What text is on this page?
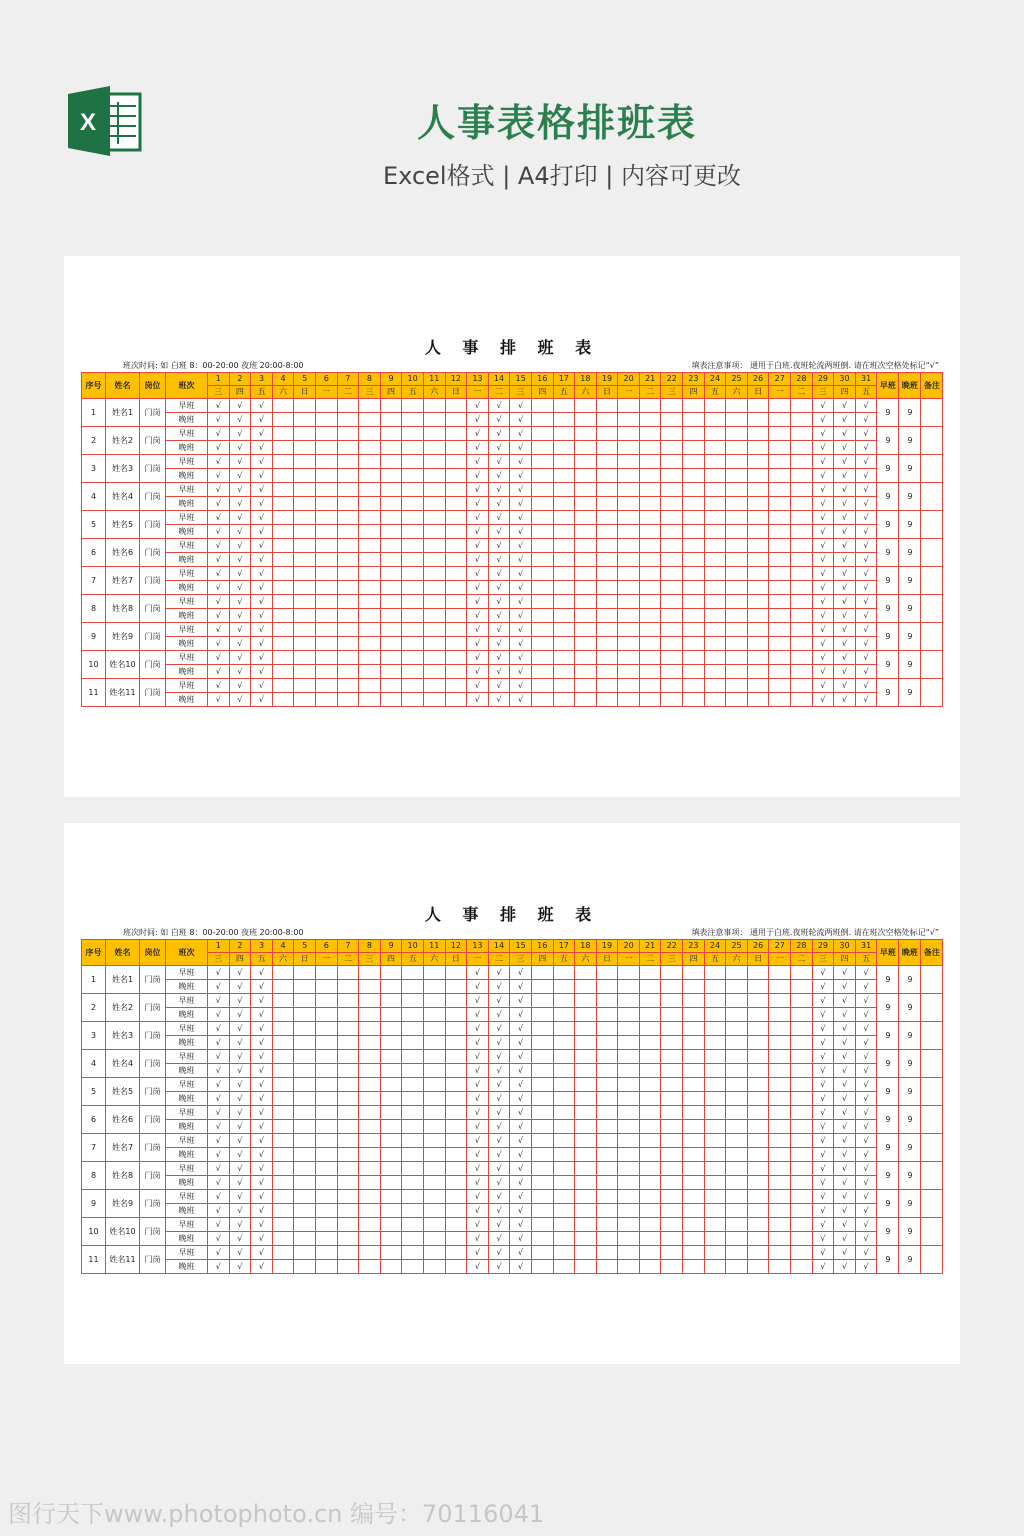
X	人事表格排班表
Excel格式 | A4打印 | 内容可更改
人 事 排 班 表
班次时间: 如 白班 8：00-20:00 夜班 20:00-8:00	填表注意事项： 通用于白班.夜班轮流两班倒. 请在班次空格处标记“√”
序号	姓名	岗位	班次	1	2	3	4	5	6	7	8	9	10	11	12	13	14	15	16	17	18	19	20	21	22	23	24	25	26	27	28	29	30	31	早班	晚班	备注
				三	四	五	六	日	一	二	三	四	五	六	日	一	二	三	四	五	六	日	一	二	三	四	五	六	日	一	二	三	四	五			
1	姓名1	门岗	早班	√	√	√										√	√	√														√	√	√	9	9	
			晚班	√	√	√										√	√	√														√	√	√			
2	姓名2	门岗	早班	√	√	√										√	√	√														√	√	√	9	9	
			晚班	√	√	√										√	√	√														√	√	√			
3	姓名3	门岗	早班	√	√	√										√	√	√														√	√	√	9	9	
			晚班	√	√	√										√	√	√														√	√	√			
4	姓名4	门岗	早班	√	√	√										√	√	√														√	√	√	9	9	
			晚班	√	√	√										√	√	√														√	√	√			
5	姓名5	门岗	早班	√	√	√										√	√	√														√	√	√	9	9	
			晚班	√	√	√										√	√	√														√	√	√			
6	姓名6	门岗	早班	√	√	√										√	√	√														√	√	√	9	9	
			晚班	√	√	√										√	√	√														√	√	√			
7	姓名7	门岗	早班	√	√	√										√	√	√														√	√	√	9	9	
			晚班	√	√	√										√	√	√														√	√	√			
8	姓名8	门岗	早班	√	√	√										√	√	√														√	√	√	9	9	
			晚班	√	√	√										√	√	√														√	√	√			
9	姓名9	门岗	早班	√	√	√										√	√	√														√	√	√	9	9	
			晚班	√	√	√										√	√	√														√	√	√			
10	姓名10	门岗	早班	√	√	√										√	√	√														√	√	√	9	9	
			晚班	√	√	√										√	√	√														√	√	√			
11	姓名11	门岗	早班	√	√	√										√	√	√														√	√	√	9	9	
			晚班	√	√	√										√	√	√														√	√	√			
人 事 排 班 表
班次时间: 如 白班 8：00-20:00 夜班 20:00-8:00	填表注意事项： 通用于白班.夜班轮流两班倒. 请在班次空格处标记“√”
序号	姓名	岗位	班次	1	2	3	4	5	6	7	8	9	10	11	12	13	14	15	16	17	18	19	20	21	22	23	24	25	26	27	28	29	30	31	早班	晚班	备注
				三	四	五	六	日	一	二	三	四	五	六	日	一	二	三	四	五	六	日	一	二	三	四	五	六	日	一	二	三	四	五			
1	姓名1	门岗	早班	√	√	√										√	√	√														√	√	√	9	9	
			晚班	√	√	√										√	√	√														√	√	√			
2	姓名2	门岗	早班	√	√	√										√	√	√														√	√	√	9	9	
			晚班	√	√	√										√	√	√														√	√	√			
3	姓名3	门岗	早班	√	√	√										√	√	√														√	√	√	9	9	
			晚班	√	√	√										√	√	√														√	√	√			
4	姓名4	门岗	早班	√	√	√										√	√	√														√	√	√	9	9	
			晚班	√	√	√										√	√	√														√	√	√			
5	姓名5	门岗	早班	√	√	√										√	√	√														√	√	√	9	9	
			晚班	√	√	√										√	√	√														√	√	√			
6	姓名6	门岗	早班	√	√	√										√	√	√														√	√	√	9	9	
			晚班	√	√	√										√	√	√														√	√	√			
7	姓名7	门岗	早班	√	√	√										√	√	√														√	√	√	9	9	
			晚班	√	√	√										√	√	√														√	√	√			
8	姓名8	门岗	早班	√	√	√										√	√	√														√	√	√	9	9	
			晚班	√	√	√										√	√	√														√	√	√			
9	姓名9	门岗	早班	√	√	√										√	√	√														√	√	√	9	9	
			晚班	√	√	√										√	√	√														√	√	√			
10	姓名10	门岗	早班	√	√	√										√	√	√														√	√	√	9	9	
			晚班	√	√	√										√	√	√														√	√	√			
11	姓名11	门岗	早班	√	√	√										√	√	√														√	√	√	9	9	
			晚班	√	√	√										√	√	√														√	√	√			
图行天下www.photophoto.cn 编号：70116041
